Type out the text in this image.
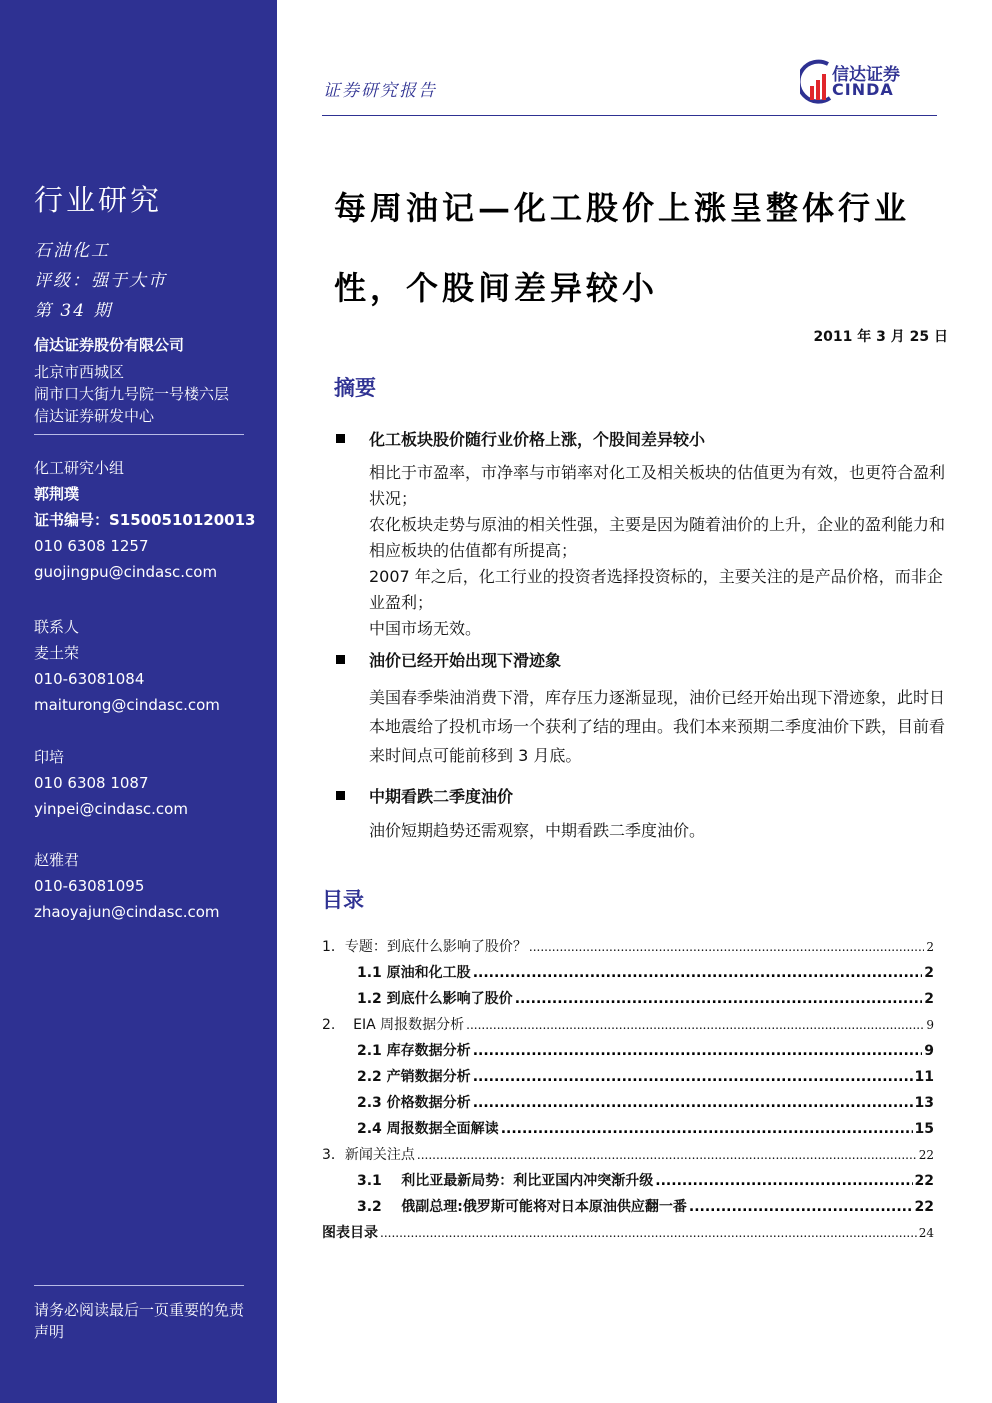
行业研究
石油化工
评级：强于大市
第 34 期
信达证券股份有限公司
北京市西城区
闹市口大街九号院一号楼六层
信达证券研发中心
化工研究小组
郭荆璞
证书编号：S1500510120013
010 6308 1257
guojingpu@cindasc.com
联系人
麦土荣
010-63081084
maiturong@cindasc.com
印培
010 6308 1087
yinpei@cindasc.com
赵雅君
010-63081095
zhaoyajun@cindasc.com
请务必阅读最后一页重要的免责声明
证券研究报告
信达证券
CINDA
每周油记—化工股价上涨呈整体行业性，个股间差异较小
2011 年 3 月 25 日
摘要
化工板块股价随行业价格上涨，个股间差异较小
相比于市盈率，市净率与市销率对化工及相关板块的估值更为有效，也更符合盈利状况；
农化板块走势与原油的相关性强，主要是因为随着油价的上升，企业的盈利能力和相应板块的估值都有所提高；
2007 年之后，化工行业的投资者选择投资标的，主要关注的是产品价格，而非企业盈利；
中国市场无效。
油价已经开始出现下滑迹象
美国春季柴油消费下滑，库存压力逐渐显现，油价已经开始出现下滑迹象，此时日本地震给了投机市场一个获利了结的理由。我们本来预期二季度油价下跌，目前看来时间点可能前移到 3 月底。
中期看跌二季度油价
油价短期趋势还需观察，中期看跌二季度油价。
目录
1．专题：到底什么影响了股价？ .....	2
1.1 原油和化工股 .....	2
1.2 到底什么影响了股价 .....	2
2.    EIA 周报数据分析 .....	9
2.1 库存数据分析 .....	9
2.2 产销数据分析 .....	11
2.3 价格数据分析 .....	13
2.4 周报数据全面解读 .....	15
3．新闻关注点 .....	22
3.1    利比亚最新局势：利比亚国内冲突渐升级 .....	22
3.2    俄副总理:俄罗斯可能将对日本原油供应翻一番 .....	22
图表目录 .....	24
